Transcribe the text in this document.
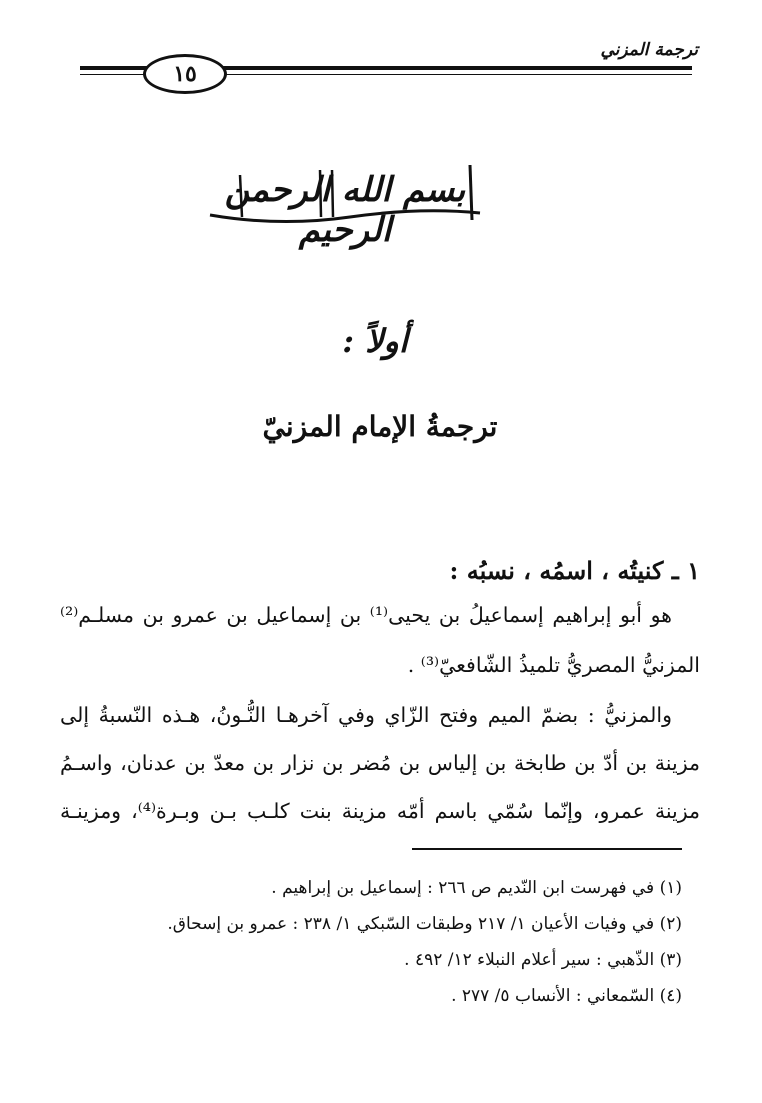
ترجمة المزني
١٥
بسم الله الرحمن الرحيم
أولاً :
ترجمةُ الإمام المزنيّ
١ ـ كنيتُه ، اسمُه ، نسبُه :
هو أبو إبراهيم إسماعيلُ بن يحيى⁽¹⁾ بن إسماعيل بن عمرو بن مسلـم⁽²⁾
المزنيُّ المصريُّ تلميذُ الشّافعيّ⁽³⁾ .
والمزنيُّ : بضمّ الميم وفتح الزّاي وفي آخرهـا النُّـونُ، هـذه النّسبةُ إلى
مزينة بن أدّ بن طابخة بن إلياس بن مُضر بن نزار بن معدّ بن عدنان، واسـمُ
مزينة عمرو، وإنّما سُمّي باسم أمّه مزينة بنت كلـب بـن وبـرة⁽⁴⁾، ومزينـة
(١) في فهرست ابن النّديم ص ٢٦٦ : إسماعيل بن إبراهيم .
(٢) في وفيات الأعيان ١/ ٢١٧ وطبقات السّبكي ١/ ٢٣٨ : عمرو بن إسحاق.
(٣) الذّهبي : سير أعلام النبلاء ١٢/ ٤٩٢ .
(٤) السّمعاني : الأنساب ٥/ ٢٧٧ .
